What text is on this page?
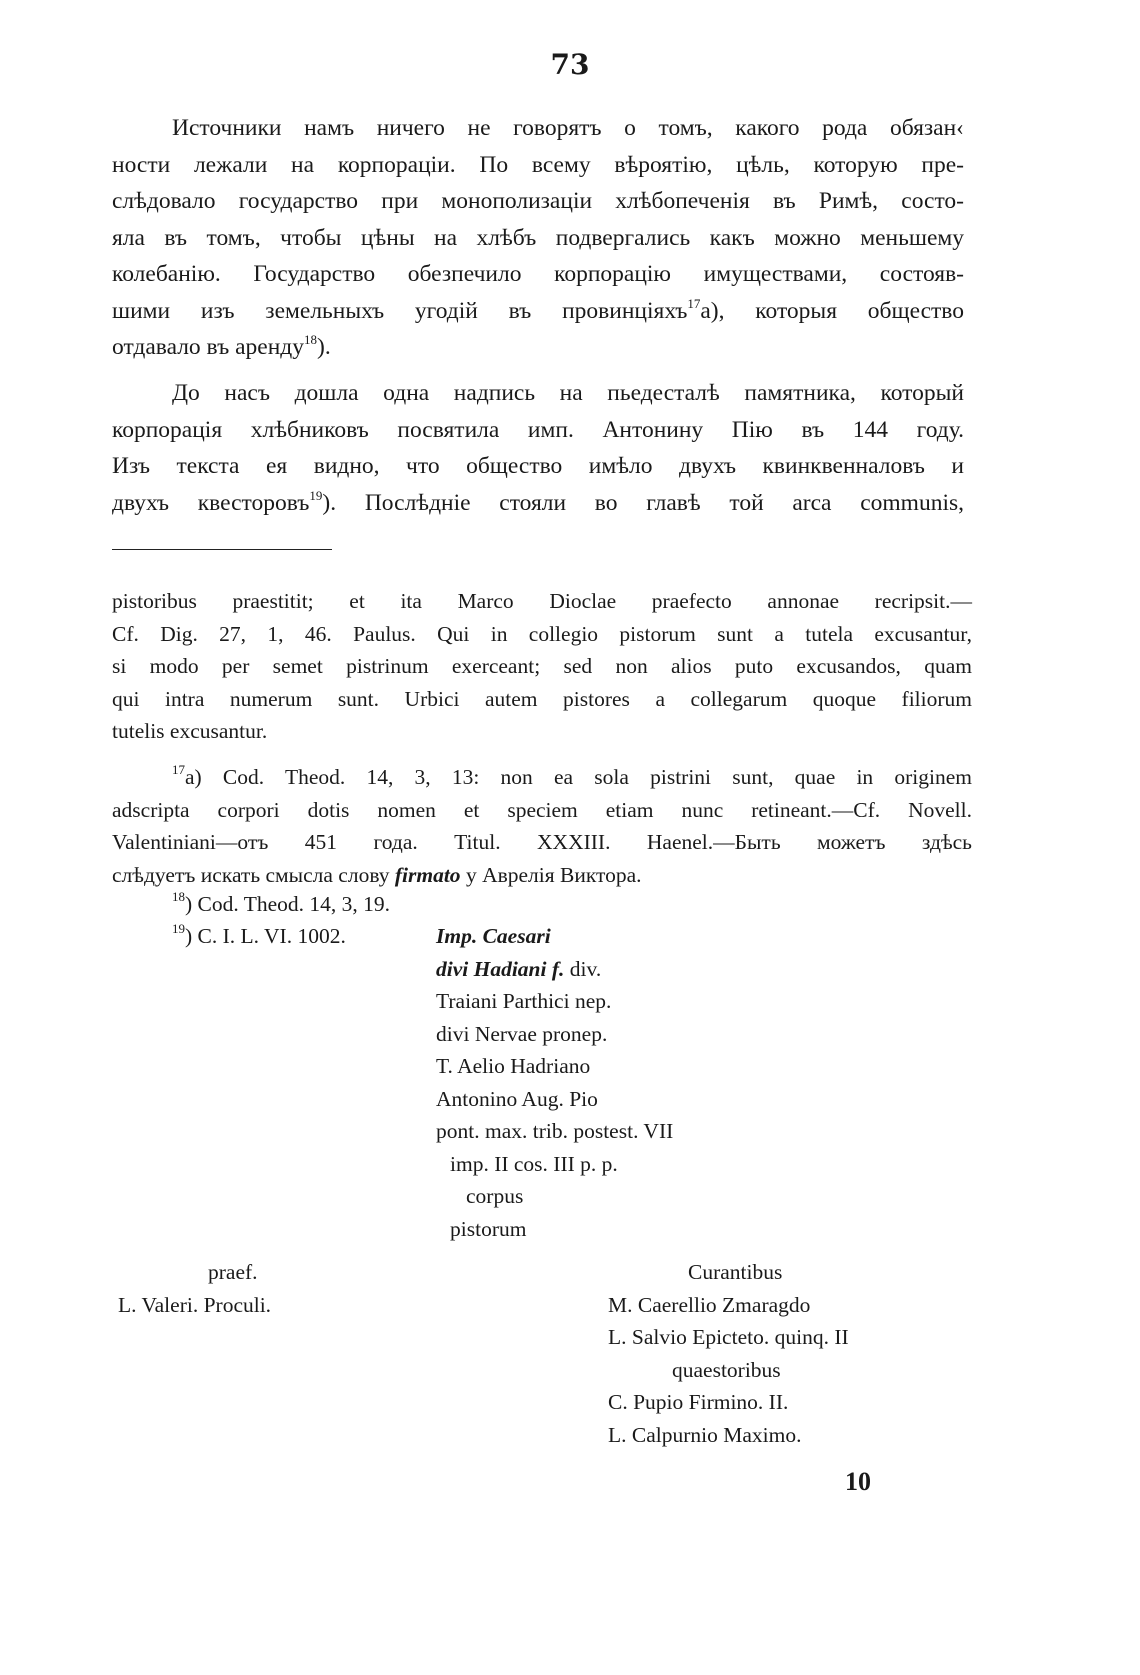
73
Источники намъ ничего не говорятъ о томъ, какого рода обязан‹
ности лежали на корпораціи. По всему вѣроятію, цѣль, которую пре-
слѣдовало государство при монополизаціи хлѣбопеченія въ Римѣ, состо-
яла въ томъ, чтобы цѣны на хлѣбъ подвергались какъ можно меньшему
колебанію. Государство обезпечило корпорацію имуществами, состояв-
шими изъ земельныхъ угодій въ провинціяхъ$^{17}$а), которыя общество
отдавало въ аренду$^{18}$).
До насъ дошла одна надпись на пьедесталѣ памятника, который
корпорація хлѣбниковъ посвятила имп. Антонину Пію въ 144 году.
Изъ текста ея видно, что общество имѣло двухъ квинквенналовъ и
двухъ квесторовъ$^{19}$). Послѣдніе стояли во главѣ той arca communis,
pistoribus praestitit; et ita Marco Dioclae praefecto annonae recripsit.—
Cf. Dig. 27, 1, 46. Paulus. Qui in collegio pistorum sunt a tutela excusantur,
si modo per semet pistrinum exerceant; sed non alios puto excusandos, quam
qui intra numerum sunt. Urbici autem pistores a collegarum quoque filiorum
tutelis excusantur.
$^{17}$a) Cod. Theod. 14, 3, 13: non ea sola pistrini sunt, quae in originem
adscripta corpori dotis nomen et speciem etiam nunc retineant.—Cf. Novell.
Valentiniani—отъ 451 года. Titul. XXXIII. Haenel.—Быть можетъ здѣсь
слѣдуетъ искать смысла слову firmato у Аврелія Виктора.
$^{18}$) Cod. Theod. 14, 3, 19.
$^{19}$) C. I. L. VI. 1002.	Imp. Caesari
divi Hadiani f. div.
Traiani Parthici nep.
divi Nervae pronep.
T. Aelio Hadriano
Antonino Aug. Pio
pont. max. trib. postest. VII
imp. II cos. III p. p.
corpus
pistorum
praef.
L. Valeri. Proculi.
Curantibus
M. Caerellio Zmaragdo
L. Salvio Epicteto. quinq. II
quaestoribus
C. Pupio Firmino. II.
L. Calpurnio Maximo.
10
